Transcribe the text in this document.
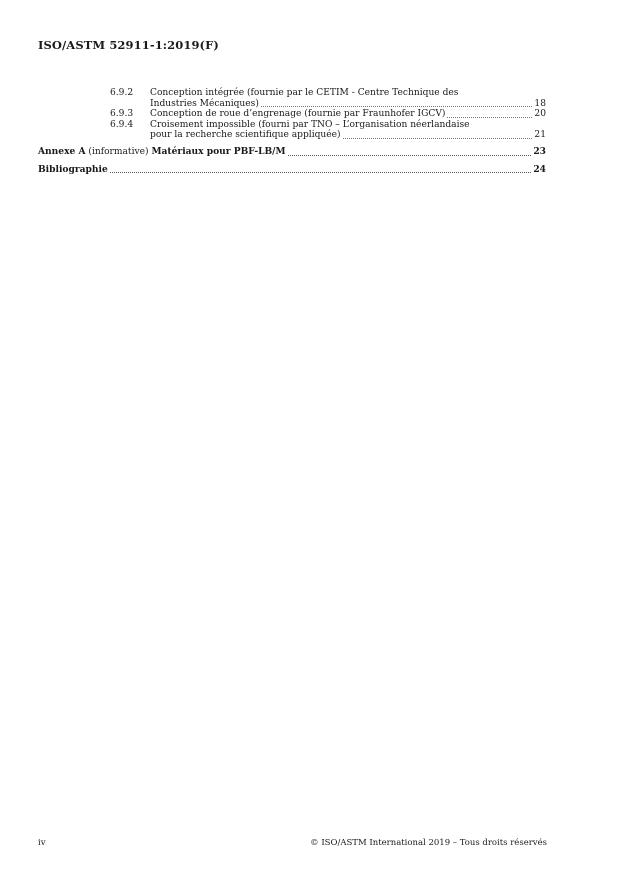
ISO/ASTM 52911-1:2019(F)
6.9.2 Conception intégrée (fournie par le CETIM - Centre Technique des
Industries Mécaniques)	18
6.9.3 Conception de roue d’engrenage (fournie par Fraunhofer IGCV)	20
6.9.4 Croisement impossible (fourni par TNO – L’organisation néerlandaise
pour la recherche scientifique appliquée)	21
Annexe A (informative) Matériaux pour PBF-LB/M	23
Bibliographie	24
iv	© ISO/ASTM International 2019 – Tous droits réservés
